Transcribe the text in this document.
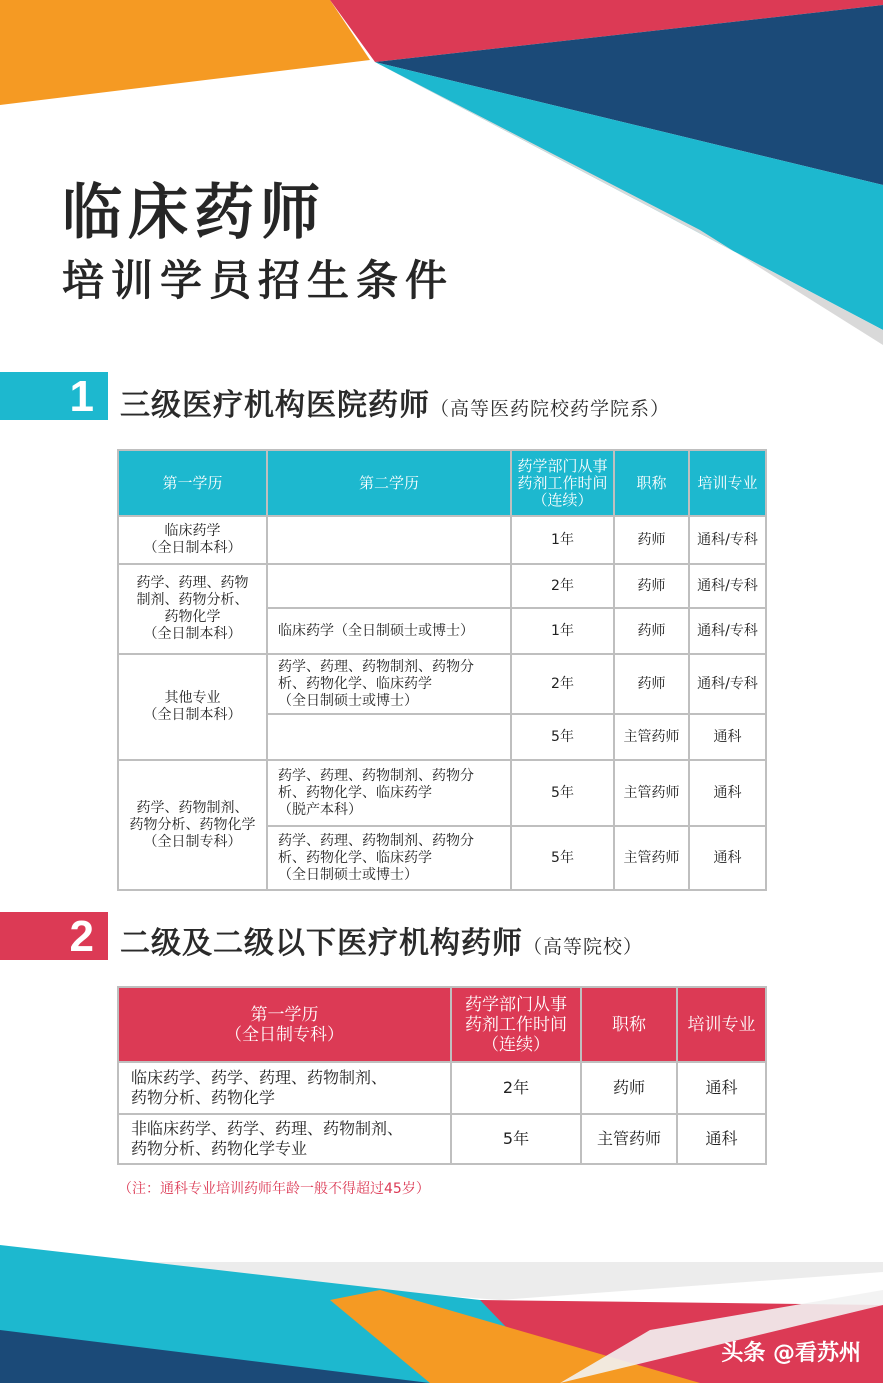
临床药师
培训学员招生条件
1 三级医疗机构医院药师（高等医药院校药学院系）
第一学历	第二学历	药学部门从事
药剂工作时间
（连续）	职称	培训专业
临床药学
（全日制本科）		1年	药师	通科/专科
药学、药理、药物
制剂、药物分析、
药物化学
（全日制本科）		2年	药师	通科/专科
	临床药学（全日制硕士或博士）	1年	药师	通科/专科
其他专业
（全日制本科）	药学、药理、药物制剂、药物分
析、药物化学、临床药学
（全日制硕士或博士）	2年	药师	通科/专科
		5年	主管药师	通科
药学、药物制剂、
药物分析、药物化学
（全日制专科）	药学、药理、药物制剂、药物分
析、药物化学、临床药学
（脱产本科）	5年	主管药师	通科
	药学、药理、药物制剂、药物分
析、药物化学、临床药学
（全日制硕士或博士）	5年	主管药师	通科
2 二级及二级以下医疗机构药师（高等院校）
第一学历
（全日制专科）	药学部门从事
药剂工作时间
（连续）	职称	培训专业
临床药学、药学、药理、药物制剂、
药物分析、药物化学	2年	药师	通科
非临床药学、药学、药理、药物制剂、
药物分析、药物化学专业	5年	主管药师	通科
（注：通科专业培训药师年龄一般不得超过45岁）
头条 @看苏州
